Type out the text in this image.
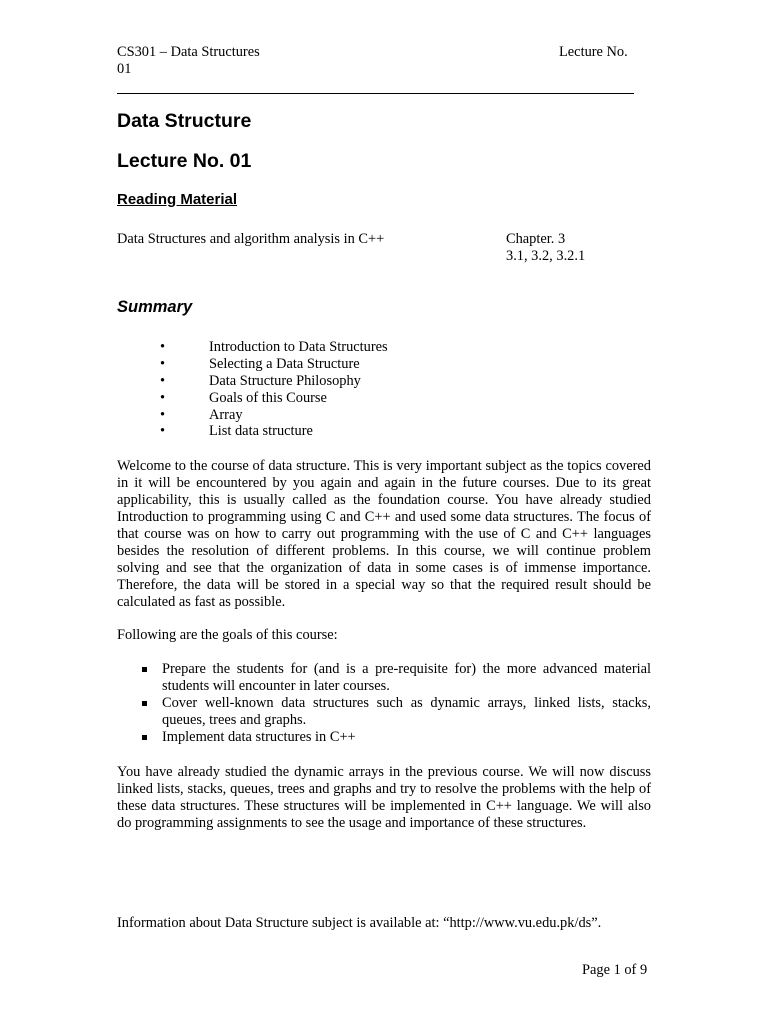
CS301 – Data Structures	Lecture No.
01
Data Structure
Lecture No. 01
Reading Material
Data Structures and algorithm analysis in C++	Chapter. 3
3.1, 3.2, 3.2.1
Summary
•	Introduction to Data Structures
•	Selecting a Data Structure
•	Data Structure Philosophy
•	Goals of this Course
•	Array
•	List data structure

Welcome to the course of data structure. This is very important subject as the topics covered in it will be encountered by you again and again in the future courses. Due to its great applicability, this is usually called as the foundation course. You have already studied Introduction to programming using C and C++ and used some data structures. The focus of that course was on how to carry out programming with the use of C and C++ languages besides the resolution of different problems. In this course, we will continue problem solving and see that the organization of data in some cases is of immense importance. Therefore, the data will be stored in a special way so that the required result should be calculated as fast as possible.

Following are the goals of this course:

Prepare the students for (and is a pre-requisite for) the more advanced material students will encounter in later courses.
Cover well-known data structures such as dynamic arrays, linked lists, stacks, queues, trees and graphs.
Implement data structures in C++

You have already studied the dynamic arrays in the previous course. We will now discuss linked lists, stacks, queues, trees and graphs and try to resolve the problems with the help of these data structures. These structures will be implemented in C++ language. We will also do programming assignments to see the usage and importance of these structures.

Information about Data Structure subject is available at: “http://www.vu.edu.pk/ds”.
Page 1 of 9
